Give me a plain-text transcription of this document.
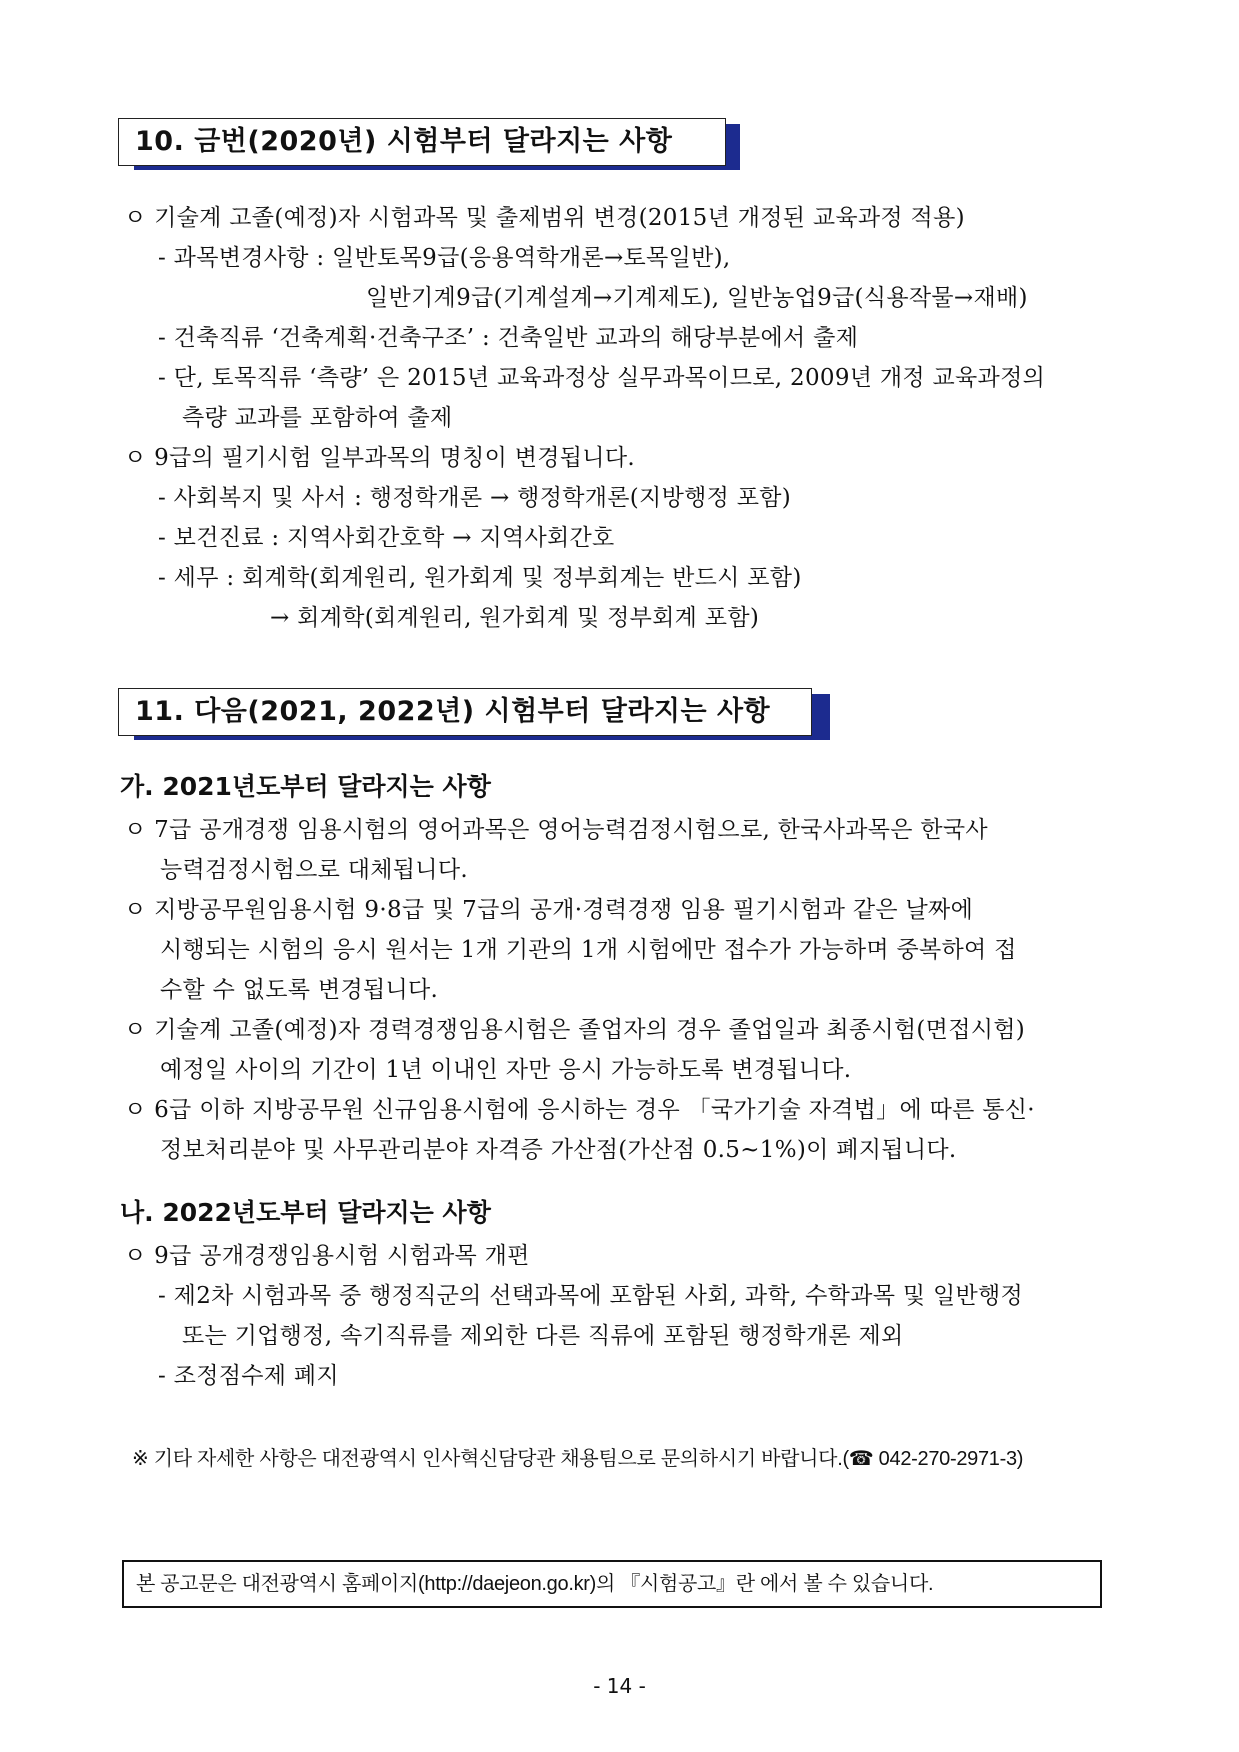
10. 금번(2020년) 시험부터 달라지는 사항
ㅇ 기술계 고졸(예정)자 시험과목 및 출제범위 변경(2015년 개정된 교육과정 적용)
- 과목변경사항 : 일반토목9급(응용역학개론→토목일반),
일반기계9급(기계설계→기계제도), 일반농업9급(식용작물→재배)
- 건축직류 ‘건축계획·건축구조’ : 건축일반 교과의 해당부분에서 출제
- 단, 토목직류 ‘측량’ 은 2015년 교육과정상 실무과목이므로, 2009년 개정 교육과정의
측량 교과를 포함하여 출제
ㅇ 9급의 필기시험 일부과목의 명칭이 변경됩니다.
- 사회복지 및 사서 : 행정학개론 → 행정학개론(지방행정 포함)
- 보건진료 : 지역사회간호학 → 지역사회간호
- 세무 : 회계학(회계원리, 원가회계 및 정부회계는 반드시 포함)
→ 회계학(회계원리, 원가회계 및 정부회계 포함)
11. 다음(2021, 2022년) 시험부터 달라지는 사항
가. 2021년도부터 달라지는 사항
ㅇ 7급 공개경쟁 임용시험의 영어과목은 영어능력검정시험으로, 한국사과목은 한국사
능력검정시험으로 대체됩니다.
ㅇ 지방공무원임용시험 9·8급 및 7급의 공개·경력경쟁 임용 필기시험과 같은 날짜에
시행되는 시험의 응시 원서는 1개 기관의 1개 시험에만 접수가 가능하며 중복하여 접
수할 수 없도록 변경됩니다.
ㅇ 기술계 고졸(예정)자 경력경쟁임용시험은 졸업자의 경우 졸업일과 최종시험(면접시험)
예정일 사이의 기간이 1년 이내인 자만 응시 가능하도록 변경됩니다.
ㅇ 6급 이하 지방공무원 신규임용시험에 응시하는 경우 「국가기술 자격법」에 따른 통신·
정보처리분야 및 사무관리분야 자격증 가산점(가산점 0.5~1%)이 폐지됩니다.
나. 2022년도부터 달라지는 사항
ㅇ 9급 공개경쟁임용시험 시험과목 개편
- 제2차 시험과목 중 행정직군의 선택과목에 포함된 사회, 과학, 수학과목 및 일반행정
또는 기업행정, 속기직류를 제외한 다른 직류에 포함된 행정학개론 제외
- 조정점수제 폐지
※ 기타 자세한 사항은 대전광역시 인사혁신담당관 채용팀으로 문의하시기 바랍니다.(☎ 042-270-2971-3)
본 공고문은 대전광역시 홈페이지(http://daejeon.go.kr)의 『시험공고』란 에서 볼 수 있습니다.
- 14 -
